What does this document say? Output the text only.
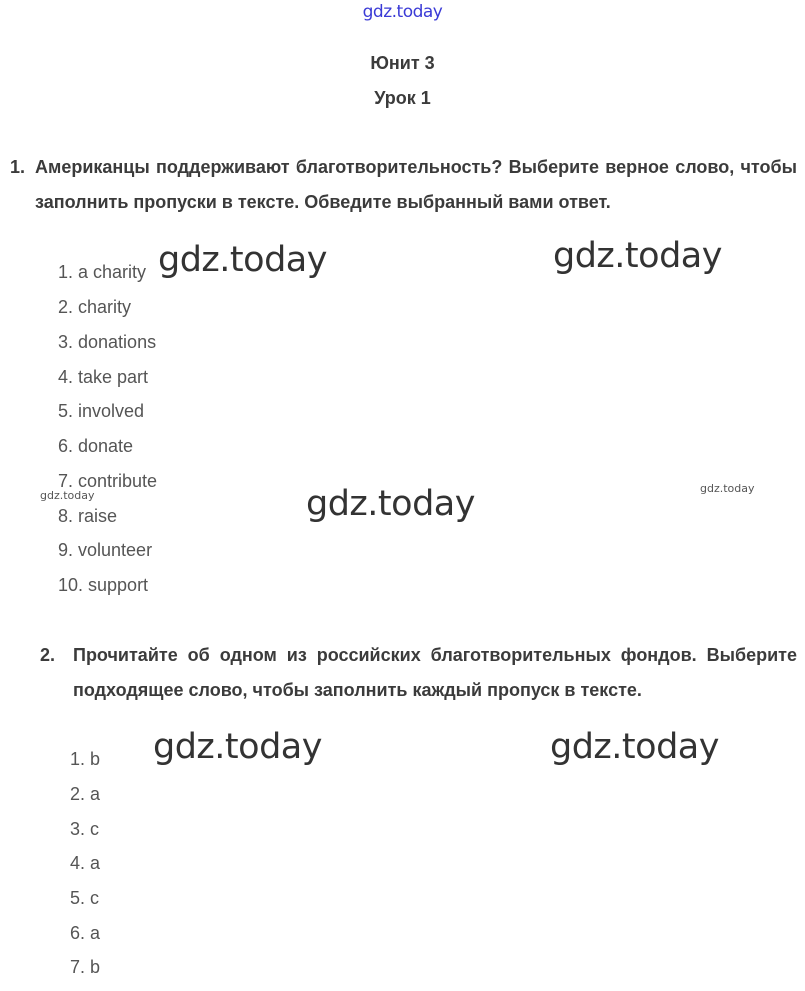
gdz.today
Юнит 3
Урок 1
1. Американцы поддерживают благотворительность? Выберите верное слово, чтобы заполнить пропуски в тексте. Обведите выбранный вами ответ.

1. a charity
2. charity
3. donations
4. take part
5. involved
6. donate
7. contribute
8. raise
9. volunteer
10. support
2. Прочитайте об одном из российских благотворительных фондов. Выберите подходящее слово, чтобы заполнить каждый пропуск в тексте.

1. b
2. a
3. c
4. a
5. c
6. a
7. b
gdz.today	gdz.today
gdz.today
gdz.today	gdz.today
gdz.today
gdz.today
